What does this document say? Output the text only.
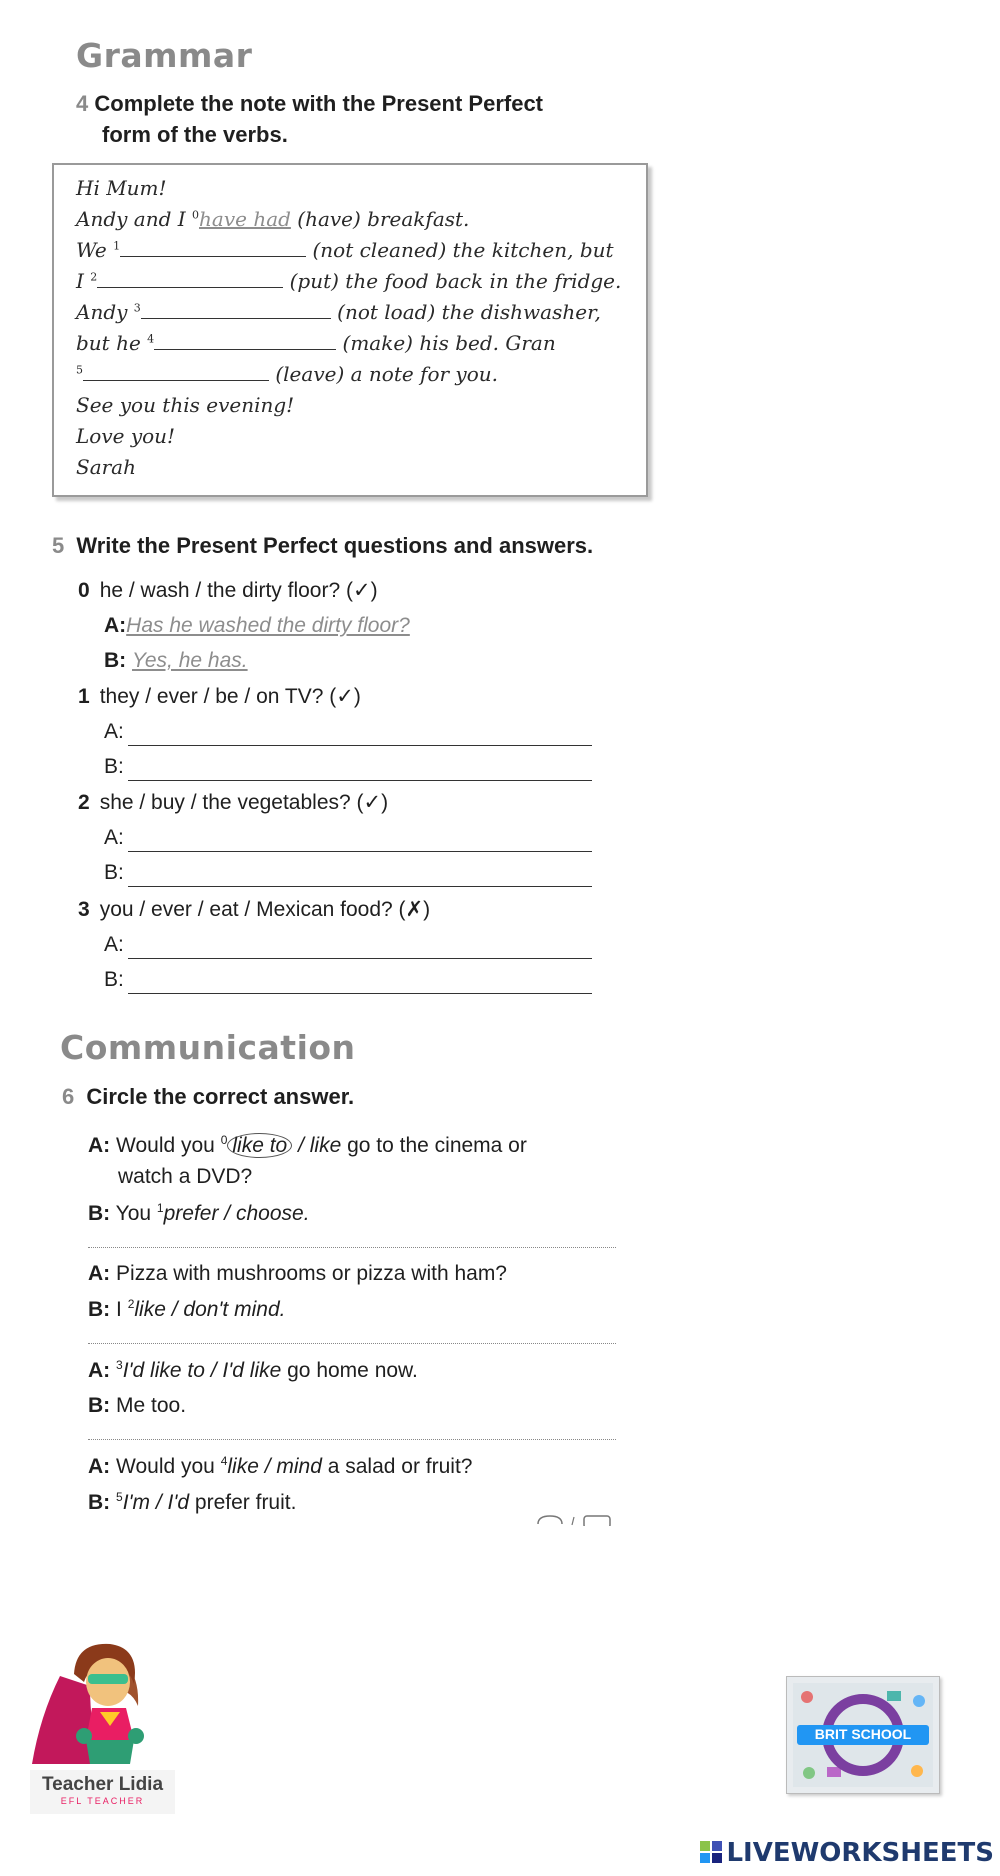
Grammar
4 Complete the note with the Present Perfect
form of the verbs.
Hi Mum!
Andy and I $^0$have had (have) breakfast.
We $^1$	(not cleaned) the kitchen, but
I $^2$	(put) the food back in the fridge.
Andy $^3$	(not load) the dishwasher,
but he $^4$	(make) his bed. Gran
$^5$	(leave) a note for you.
See you this evening!
Love you!
Sarah
5 Write the Present Perfect questions and answers.
0 he / wash / the dirty floor? (✓)
A:Has he washed the dirty floor?
B: Yes, he has.
1 they / ever / be / on TV? (✓)
A:
B:
2 she / buy / the vegetables? (✓)
A:
B:
3 you / ever / eat / Mexican food? (✗)
A:
B:
Communication
6 Circle the correct answer.
A: Would you $^0$ like to / like go to the cinema or
watch a DVD?
B: You $^1$prefer / choose.
A: Pizza with mushrooms or pizza with ham?
B: I $^2$like / don't mind.
A: $^3$I'd like to / I'd like go home now.
B: Me too.
A: Would you $^4$like / mind a salad or fruit?
B: $^5$I'm / I'd prefer fruit.
Teacher Lidia
EFL TEACHER
BRIT SCHOOL
LIVEWORKSHEETS
